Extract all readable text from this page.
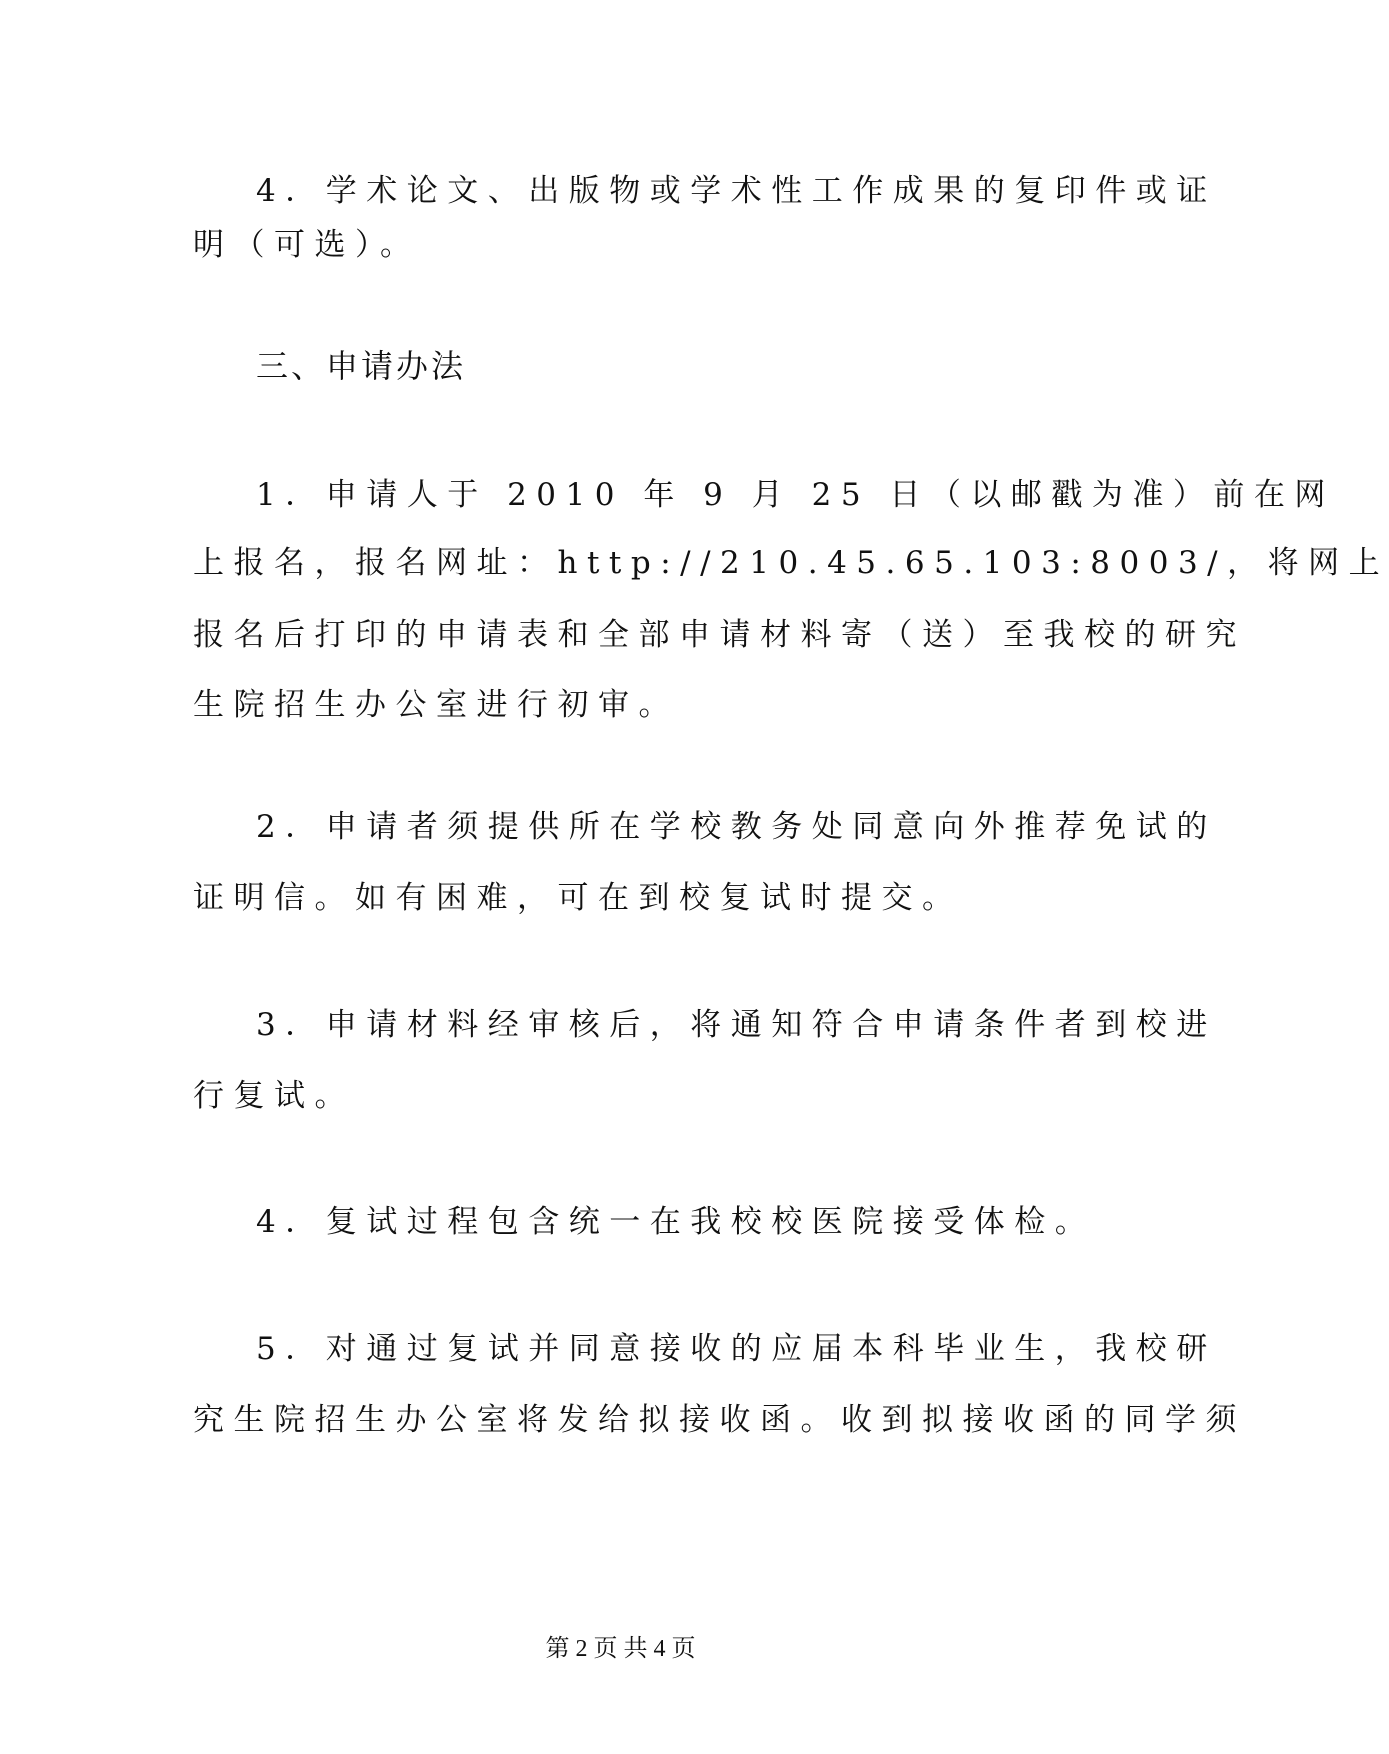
4．学术论文、出版物或学术性工作成果的复印件或证
明（可选）。
三、申请办法
1．申请人于 2010 年 9 月 25 日（以邮戳为准）前在网
上报名，报名网址：http://210.45.65.103:8003/，将网上
报名后打印的申请表和全部申请材料寄（送）至我校的研究
生院招生办公室进行初审。
2．申请者须提供所在学校教务处同意向外推荐免试的
证明信。如有困难，可在到校复试时提交。
3．申请材料经审核后，将通知符合申请条件者到校进
行复试。
4．复试过程包含统一在我校校医院接受体检。
5．对通过复试并同意接收的应届本科毕业生，我校研
究生院招生办公室将发给拟接收函。收到拟接收函的同学须
第 2 页 共 4 页
